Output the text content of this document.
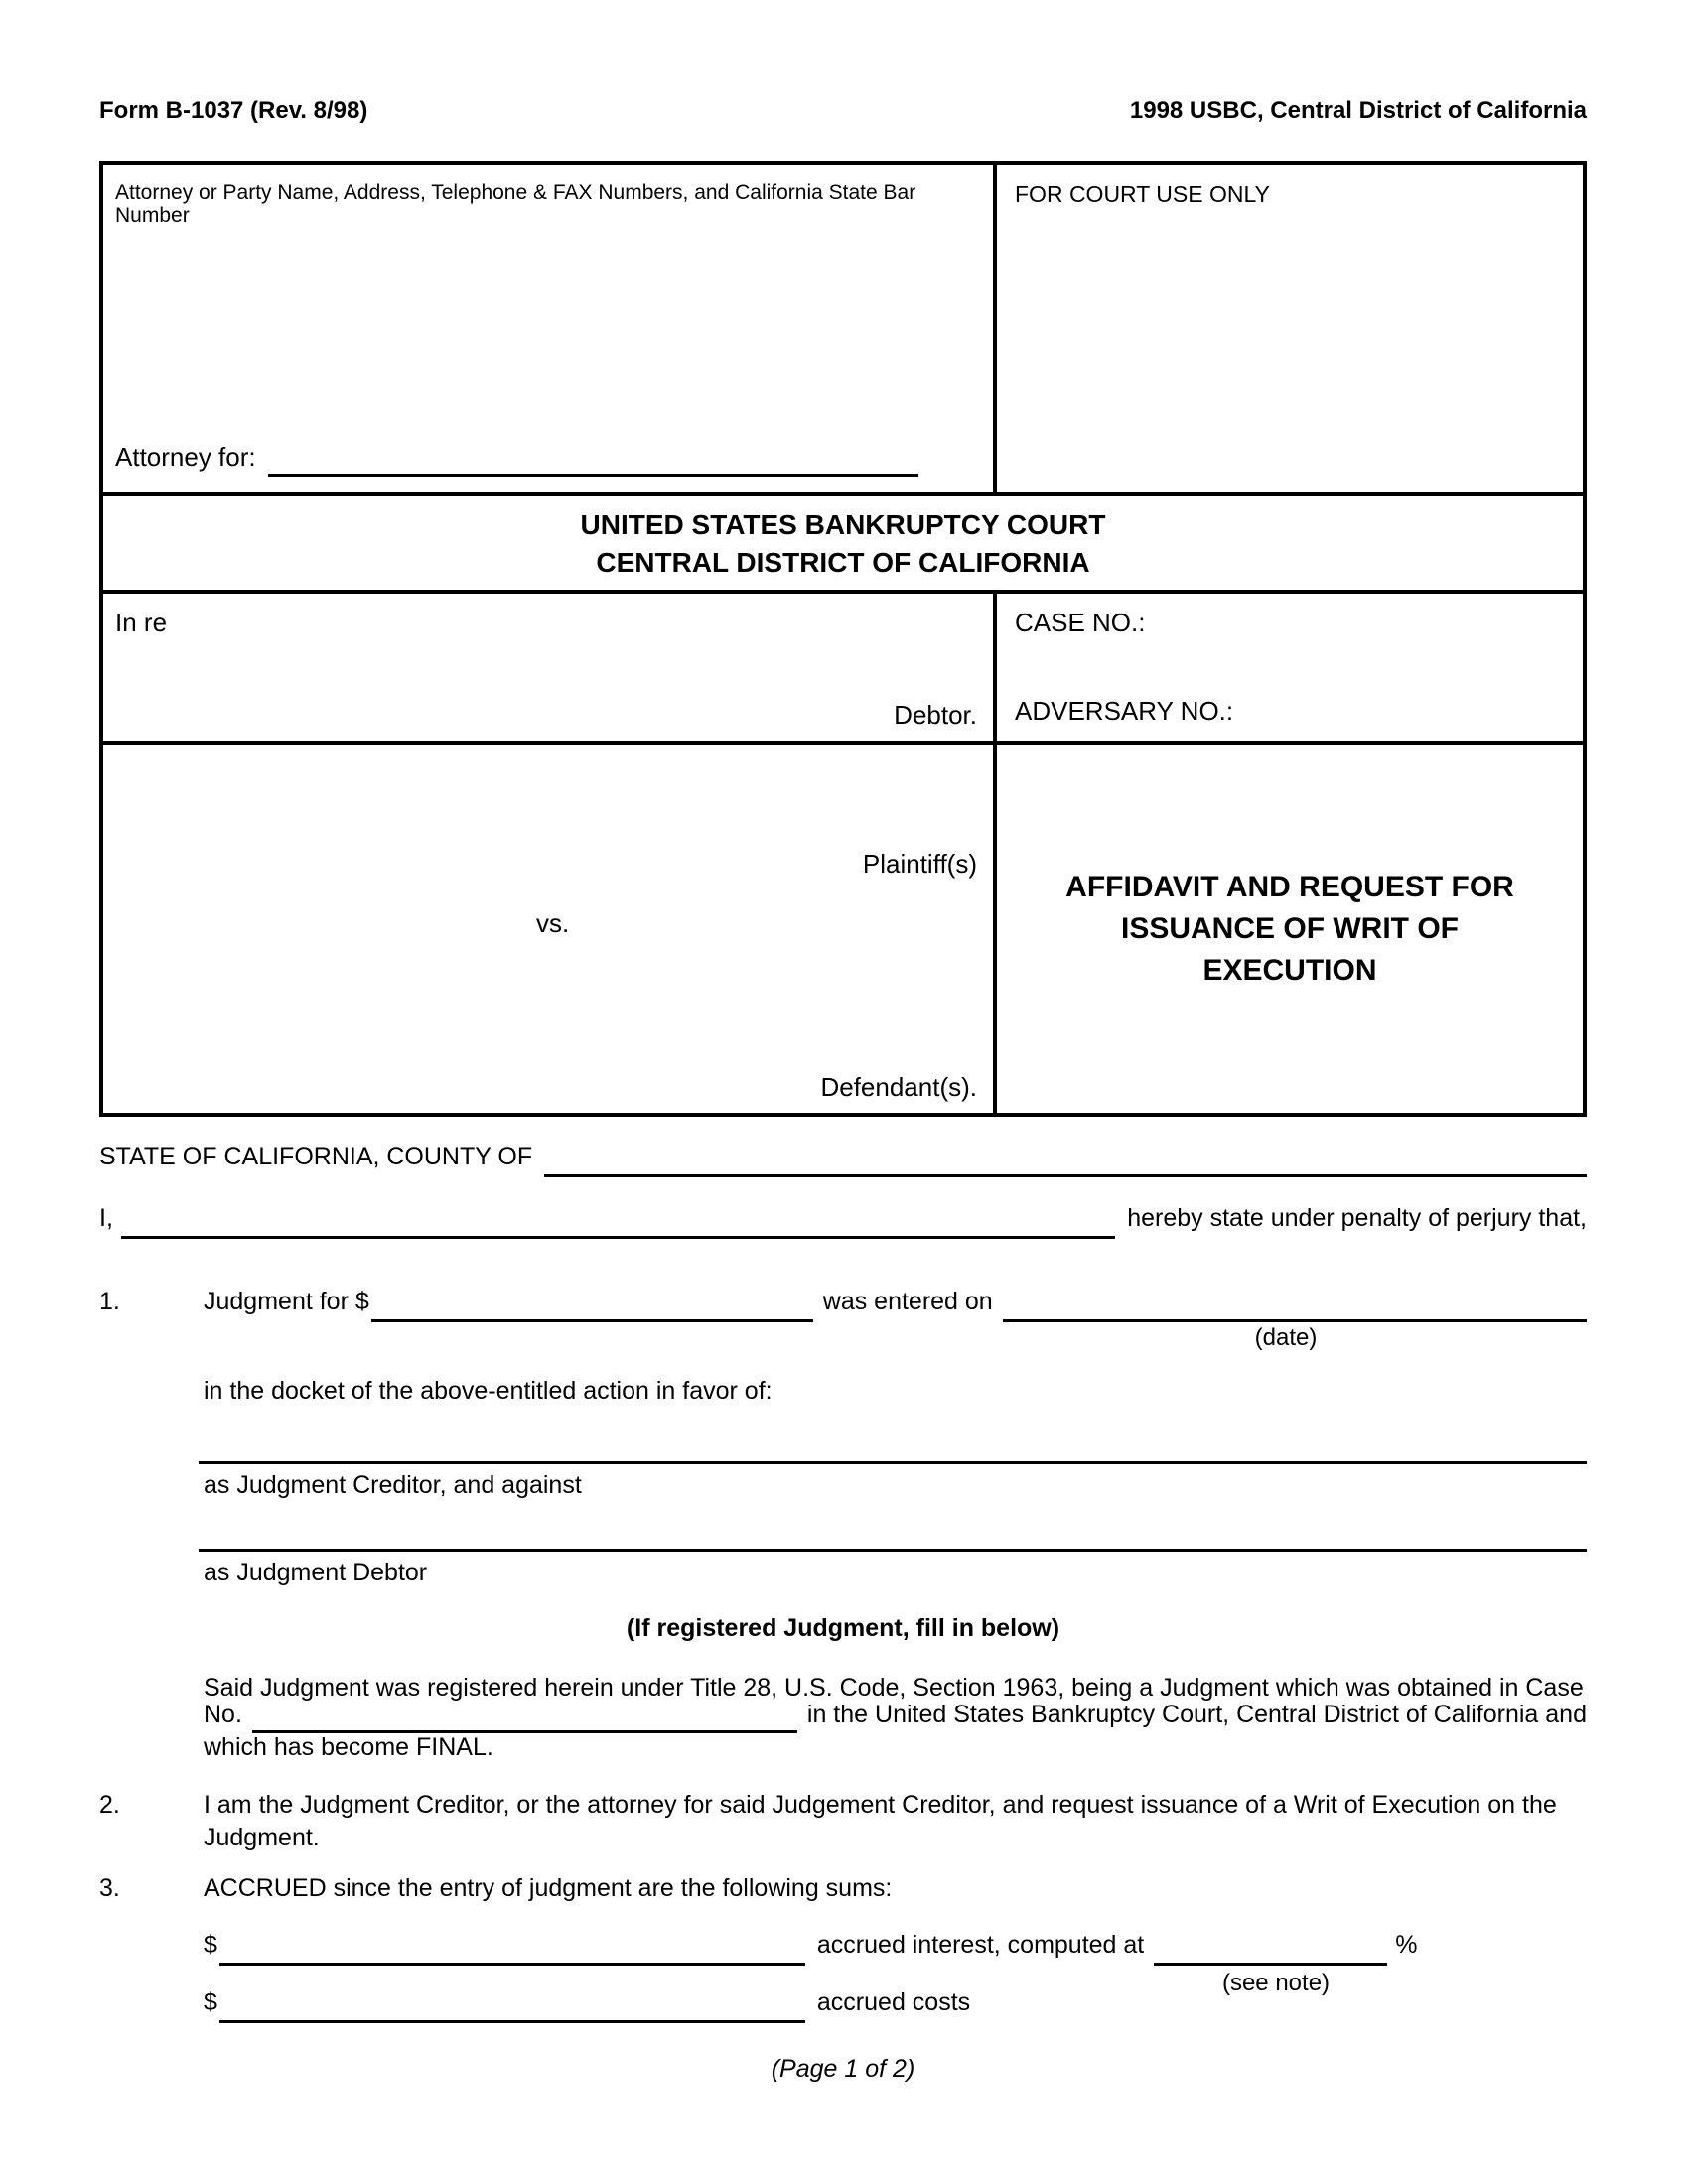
Form B-1037 (Rev. 8/98)	1998 USBC, Central District of California
Attorney or Party Name, Address, Telephone & FAX Numbers, and California State Bar Number
Attorney for:
FOR COURT USE ONLY
UNITED STATES BANKRUPTCY COURT
CENTRAL DISTRICT OF CALIFORNIA
In re
Debtor.
CASE NO.:
ADVERSARY NO.:
Plaintiff(s)
vs.
Defendant(s).
AFFIDAVIT AND REQUEST FOR ISSUANCE OF WRIT OF EXECUTION
STATE OF CALIFORNIA, COUNTY OF
I,	hereby state under penalty of perjury that,
1.	Judgment for $	was entered on
(date)
in the docket of the above-entitled action in favor of:
as Judgment Creditor, and against
as Judgment Debtor
(If registered Judgment, fill in below)
Said Judgment was registered herein under Title 28, U.S. Code, Section 1963, being a Judgment which was obtained in Case
No.	in the United States Bankruptcy Court, Central District of California and
which has become FINAL.
2.	I am the Judgment Creditor, or the attorney for said Judgement Creditor, and request issuance of a Writ of Execution on the Judgment.
3.	ACCRUED since the entry of judgment are the following sums:
$	accrued interest, computed at	%
(see note)
$	accrued costs
(Page 1 of 2)
